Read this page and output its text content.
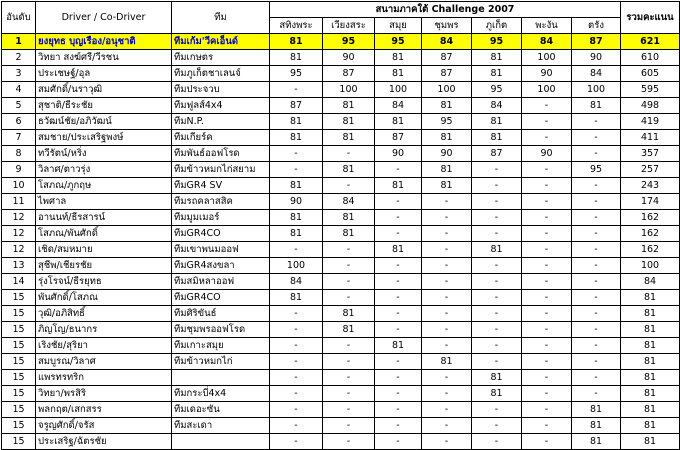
อันดับ	Driver / Co-Driver	ทีม	สนามภาคใต้ Challenge 2007							รวมคะแนน
			สทิงพระ	เวียงสระ	สมุย	ชุมพร	ภูเก็ต	พะงัน	ตรัง	
1	ยงยุทธ บุญเรือง/อนุชาติ	ทีมเก้ม'วีคเอ็นด์	81	95	95	84	95	84	87	621
2	วิทยา สงฆ์ศรี/วีรชน	ทีมเกษตร	81	90	81	87	81	100	90	610
3	ประเชษฐ์/อุล	ทีมภูเก็ตชาเลนจ์	95	87	81	87	81	90	84	605
4	สมศักดิ์/นราวุฒิ	ทีมประจวบ	-	100	100	100	95	100	100	595
5	สุชาติ/ธีระชัย	ทีมฟูลส์4x4	87	81	84	81	84	-	81	498
6	ธวัฒน์ชัย/อภิวัฒน์	ทีมN.P.	81	81	81	95	81	-	-	419
7	สมชาย/ประเสริฐพงษ์	ทีมเกียร์ค	81	81	87	81	81	-	-	411
8	ทวีรัตน์/หริ่ง	ทีมพันธ์ออฟโรด	-	-	90	90	87	90	-	357
9	วิลาศ/ตาวรุ่ง	ทีมข้าวหมกไก่สยาม	-	81	-	81	-	-	95	257
10	โสภณ/ภูกฤษ	ทีมGR4 SV	81	-	81	81	-	-	-	243
11	ไพศาล	ทีมรถคลาสสิค	90	84	-	-	-	-	-	174
12	อานนท์/ธีรสารน์	ทีมมูมเมอร์	81	81	-	-	-	-	-	162
12	โสภณ/พันศักดิ์	ทีมGR4CO	81	81	-	-	-	-	-	162
12	เชิด/สมหมาย	ทีมเขาพนมออฟ	-	-	81	-	81	-	-	162
13	สุชีพ/เชียรชัย	ทีมGR4สงขลา	100	-	-	-	-	-	-	100
14	รุ่งโรจน์/ธีรยุทธ	ทีมสมิหลาออฟ	84	-	-	-	-	-	-	84
15	พันศักดิ์/โสภณ	ทีมGR4CO	81	-	-	-	-	-	-	81
15	วุฒิ/อภิสิทธิ์	ทีมศิริขันธ์	-	81	-	-	-	-	-	81
15	ภิญโญ/ธนากร	ทีมชุมพรออฟโรด	-	81	-	-	-	-	-	81
15	เริงชัย/สุริยา	ทีมเกาะสมุย	-	-	81	-	-	-	-	81
15	สมบูรณ/วิลาศ	ทีมข้าวหมกไก่	-	-	-	81	-	-	-	81
15	แพรทรทริก		-	-	-	-	81	-	-	81
15	วิทยา/พรสิริ	ทีมกระบี่4x4	-	-	-	-	81	-	-	81
15	พลกฤต/เสกสรร	ทีมเดอะซัน	-	-	-	-	-	-	81	81
15	จรูญศักดิ์/จรัส	ทีมสะเดา	-	-	-	-	-	-	81	81
15	ประเสริฐ/ฉัตรชัย		-	-	-	-	-	-	81	81
